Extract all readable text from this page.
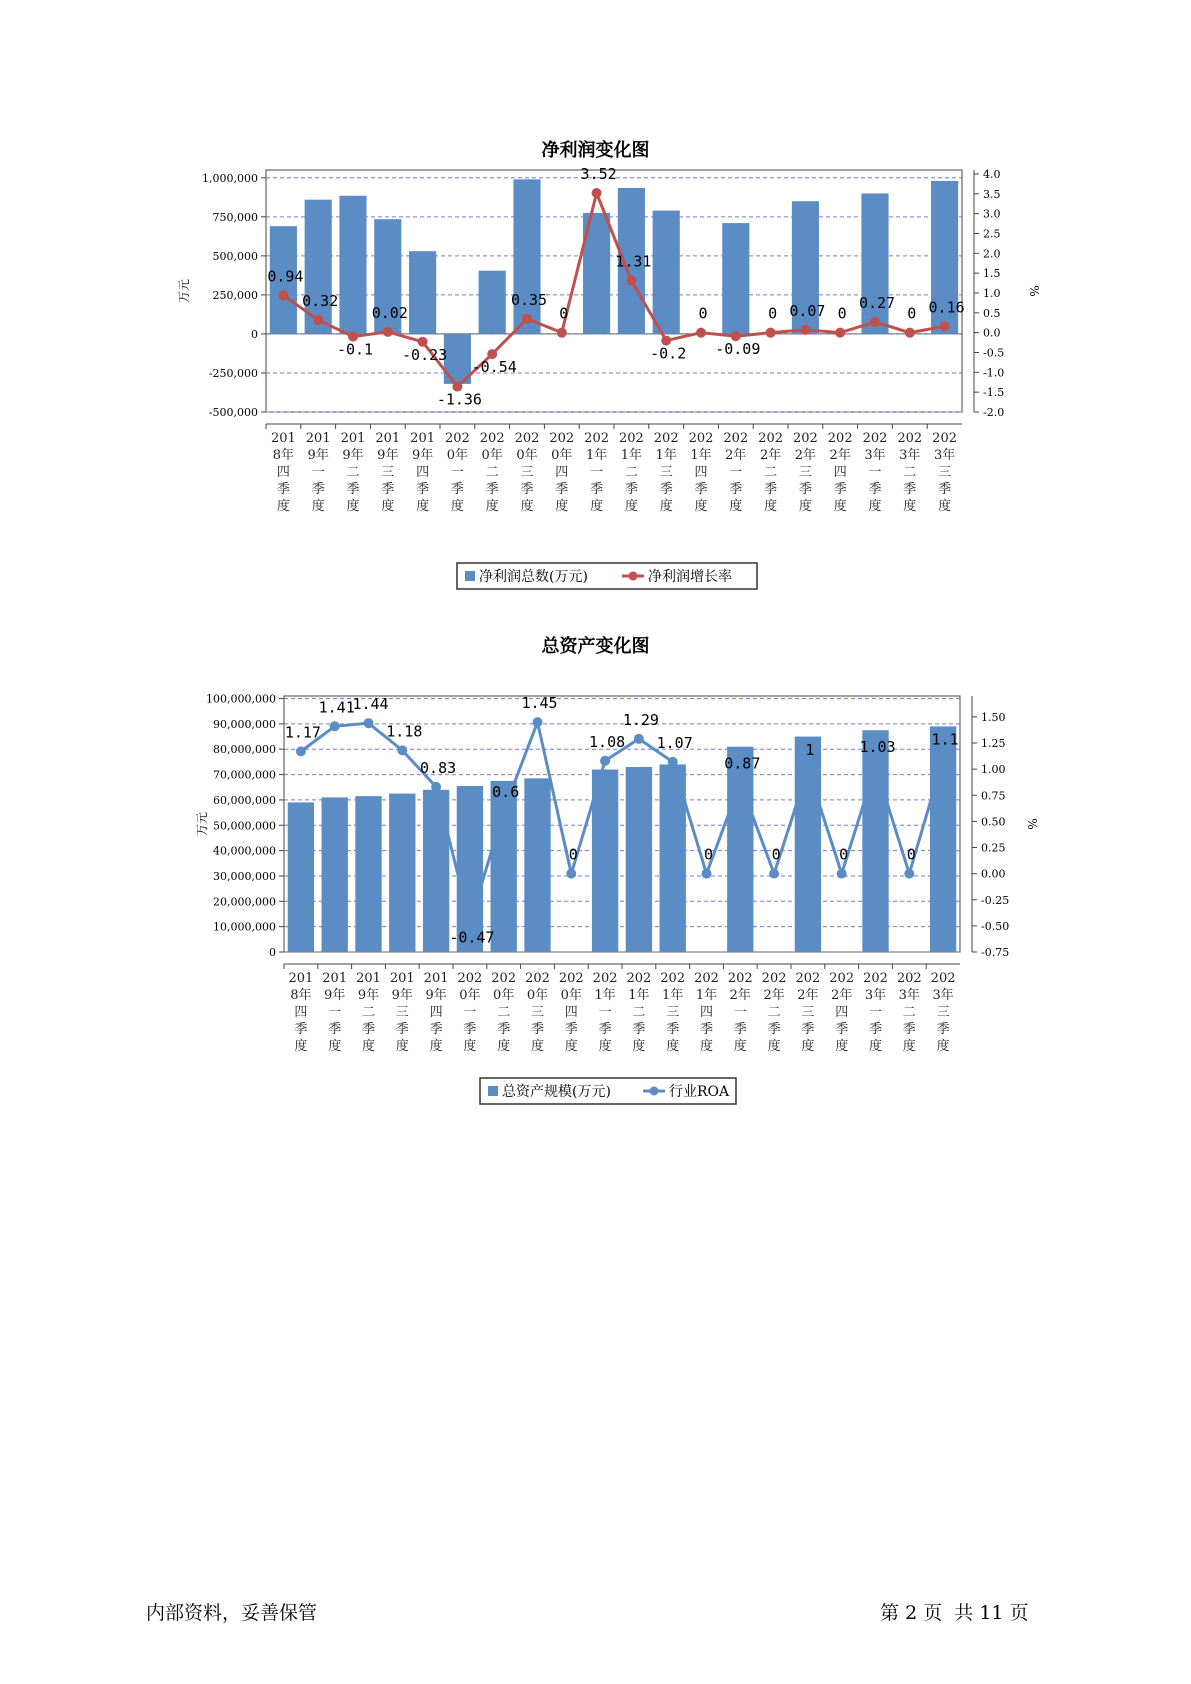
净利润变化图
-500,000
-250,000
0
250,000
500,000
750,000
1,000,000
-2.0
-1.5
-1.0
-0.5
0.0
0.5
1.0
1.5
2.0
2.5
3.0
3.5
4.0
万元	%
201 8年四季度
201 9年一季度
201 9年二季度
201 9年三季度
201 9年四季度
202 0年一季度
202 0年二季度
202 0年三季度
202 0年四季度
202 1年一季度
202 1年二季度
202 1年三季度
202 1年四季度
202 2年一季度
202 2年二季度
202 2年三季度
202 2年四季度
202 3年一季度
202 3年二季度
202 3年三季度
0.94
0.32
-0.1
0.02
-0.23
-1.36
-0.54
0.35
0
3.52
1.31
-0.2
0
-0.09
0 0.07 0
0.27
0 0.16
净利润总数(万元)	净利润增长率
总资产变化图
0
10,000,000
20,000,000
30,000,000
40,000,000
50,000,000
60,000,000
70,000,000
80,000,000
90,000,000
100,000,000
-0.75
-0.50
-0.25
0.00
0.25
0.50
0.75
1.00
1.25
1.50
万元	%
201 8年四季度
201 9年一季度
201 9年二季度
201 9年三季度
201 9年四季度
202 0年一季度
202 0年二季度
202 0年三季度
202 0年四季度
202 1年一季度
202 1年二季度
202 1年三季度
202 1年四季度
202 2年一季度
202 2年二季度
202 2年三季度
202 2年四季度
202 3年一季度
202 3年二季度
202 3年三季度
1.17
1.41
1.44
1.18
0.83
-0.47
0.6
1.45
0
1.08
1.29
1.07
0
0.87
0
1
0
1.03
0
1.1
总资产规模(万元)	行业ROA
内部资料，妥善保管	第 2 页  共 11 页
